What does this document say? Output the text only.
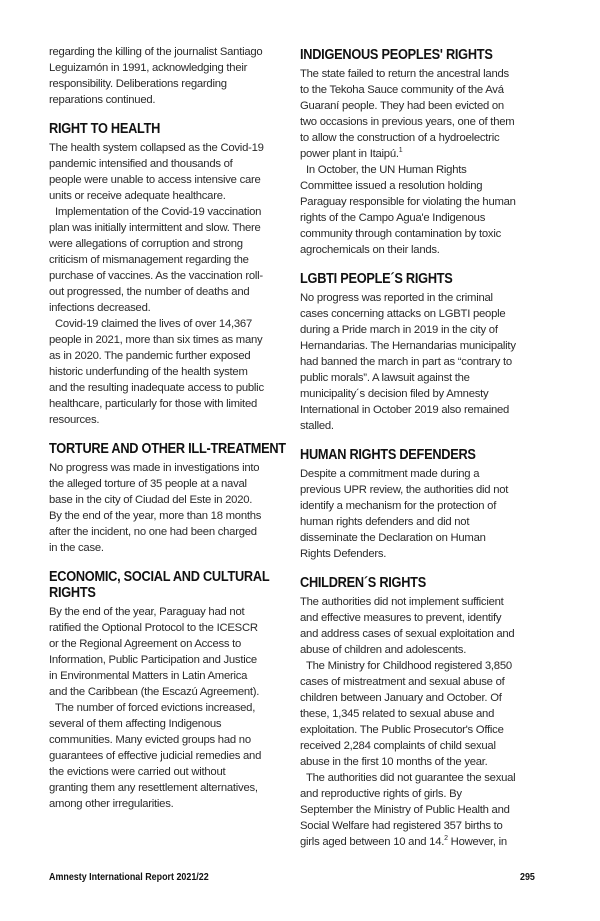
regarding the killing of the journalist Santiago
Leguizamón in 1991, acknowledging their
responsibility. Deliberations regarding
reparations continued.

RIGHT TO HEALTH

The health system collapsed as the Covid-19
pandemic intensified and thousands of
people were unable to access intensive care
units or receive adequate healthcare.

Implementation of the Covid-19 vaccination
plan was initially intermittent and slow. There
were allegations of corruption and strong
criticism of mismanagement regarding the
purchase of vaccines. As the vaccination roll-
out progressed, the number of deaths and
infections decreased.

Covid-19 claimed the lives of over 14,367
people in 2021, more than six times as many
as in 2020. The pandemic further exposed
historic underfunding of the health system
and the resulting inadequate access to public
healthcare, particularly for those with limited
resources.

TORTURE AND OTHER ILL-TREATMENT

No progress was made in investigations into
the alleged torture of 35 people at a naval
base in the city of Ciudad del Este in 2020.
By the end of the year, more than 18 months
after the incident, no one had been charged
in the case.

ECONOMIC, SOCIAL AND CULTURAL
RIGHTS

By the end of the year, Paraguay had not
ratified the Optional Protocol to the ICESCR
or the Regional Agreement on Access to
Information, Public Participation and Justice
in Environmental Matters in Latin America
and the Caribbean (the Escazú Agreement).

The number of forced evictions increased,
several of them affecting Indigenous
communities. Many evicted groups had no
guarantees of effective judicial remedies and
the evictions were carried out without
granting them any resettlement alternatives,
among other irregularities.

INDIGENOUS PEOPLES' RIGHTS

The state failed to return the ancestral lands
to the Tekoha Sauce community of the Avá
Guaraní people. They had been evicted on
two occasions in previous years, one of them
to allow the construction of a hydroelectric
power plant in Itaipú.$^1$

In October, the UN Human Rights
Committee issued a resolution holding
Paraguay responsible for violating the human
rights of the Campo Agua'e Indigenous
community through contamination by toxic
agrochemicals on their lands.

LGBTI PEOPLE´S RIGHTS

No progress was reported in the criminal
cases concerning attacks on LGBTI people
during a Pride march in 2019 in the city of
Hernandarias. The Hernandarias municipality
had banned the march in part as “contrary to
public morals”. A lawsuit against the
municipality´s decision filed by Amnesty
International in October 2019 also remained
stalled.

HUMAN RIGHTS DEFENDERS

Despite a commitment made during a
previous UPR review, the authorities did not
identify a mechanism for the protection of
human rights defenders and did not
disseminate the Declaration on Human
Rights Defenders.

CHILDREN´S RIGHTS

The authorities did not implement sufficient
and effective measures to prevent, identify
and address cases of sexual exploitation and
abuse of children and adolescents.

The Ministry for Childhood registered 3,850
cases of mistreatment and sexual abuse of
children between January and October. Of
these, 1,345 related to sexual abuse and
exploitation. The Public Prosecutor's Office
received 2,284 complaints of child sexual
abuse in the first 10 months of the year.

The authorities did not guarantee the sexual
and reproductive rights of girls. By
September the Ministry of Public Health and
Social Welfare had registered 357 births to
girls aged between 10 and 14.$^2$ However, in

Amnesty International Report 2021/22	295
